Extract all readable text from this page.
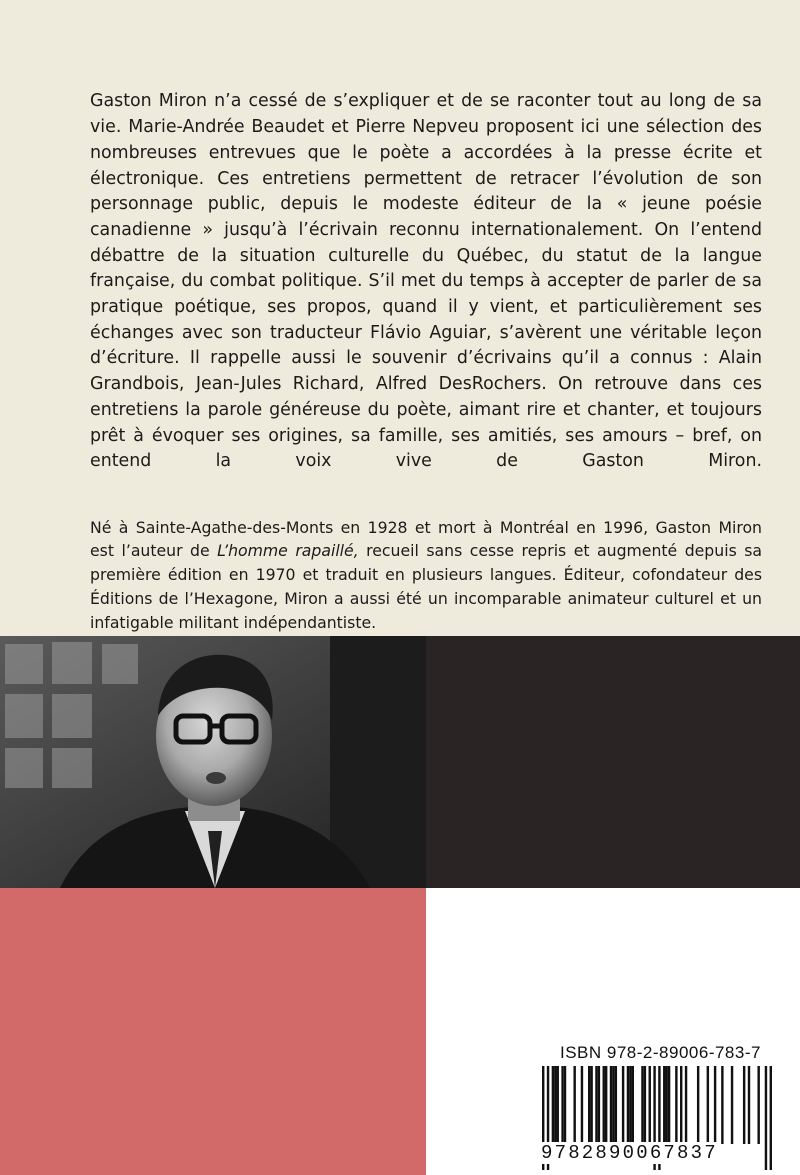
Gaston Miron n’a cessé de s’expliquer et de se raconter tout au long de sa vie. Marie-Andrée Beaudet et Pierre Nepveu proposent ici une sélection des nombreuses entrevues que le poète a accordées à la presse écrite et électronique. Ces entretiens permettent de retracer l’évolution de son personnage public, depuis le modeste éditeur de la « jeune poésie canadienne » jusqu’à l’écrivain reconnu internationalement. On l’entend débattre de la situation culturelle du Québec, du statut de la langue française, du combat politique. S’il met du temps à accepter de parler de sa pratique poétique, ses propos, quand il y vient, et particulièrement ses échanges avec son traducteur Flávio Aguiar, s’avèrent une véritable leçon d’écriture. Il rappelle aussi le souvenir d’écrivains qu’il a connus : Alain Grandbois, Jean-Jules Richard, Alfred DesRochers. On retrouve dans ces entretiens la parole généreuse du poète, aimant rire et chanter, et toujours prêt à évoquer ses origines, sa famille, ses amitiés, ses amours – bref, on entend la voix vive de Gaston Miron.

Né à Sainte-Agathe-des-Monts en 1928 et mort à Montréal en 1996, Gaston Miron est l’auteur de L’homme rapaillé, recueil sans cesse repris et augmenté depuis sa première édition en 1970 et traduit en plusieurs langues. Éditeur, cofondateur des Éditions de l’Hexagone, Miron a aussi été un incomparable animateur culturel et un infatigable militant indépendantiste.

ISBN 978-2-89006-783-7
9782890067837
